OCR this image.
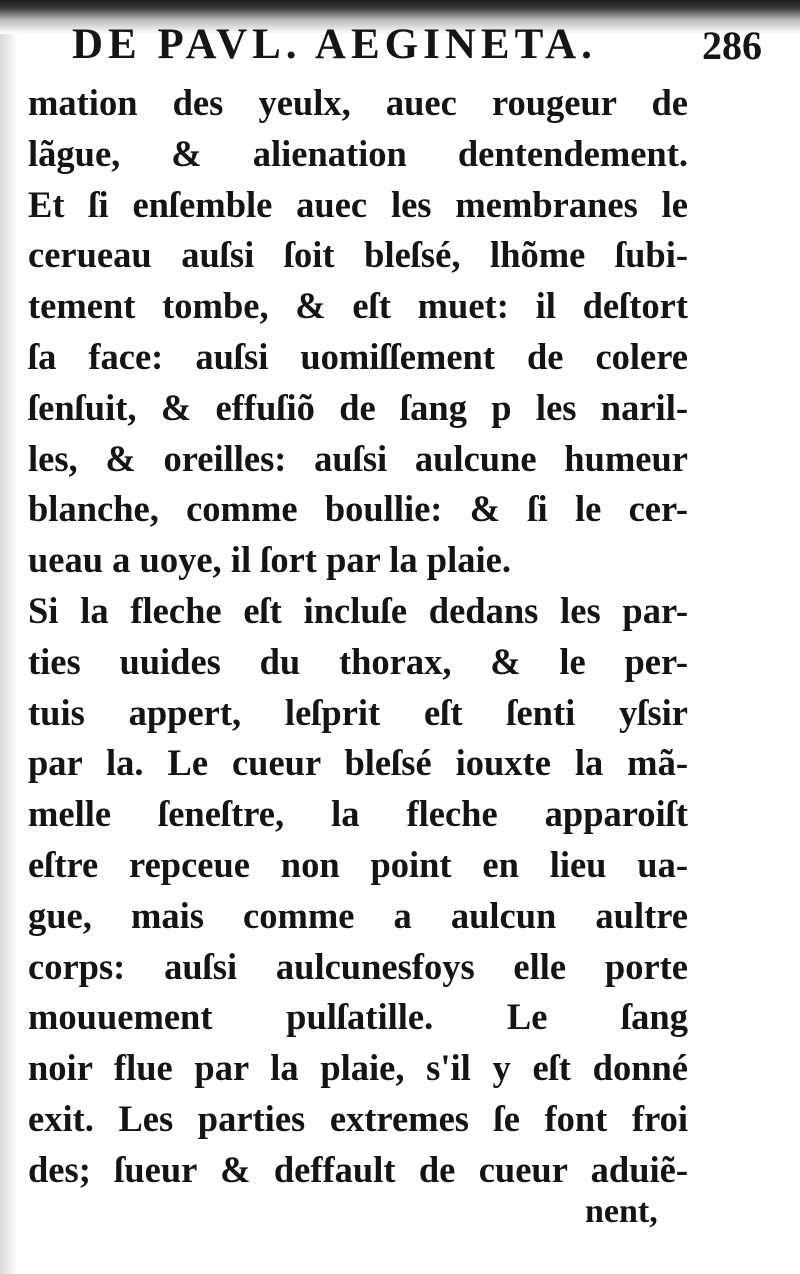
DE PAVL. AEGINETA.	286
mation des yeulx, auec rougeur de
lãgue, & alienation dentendement.
Et ſi enſemble auec les membranes le
cerueau auſsi ſoit bleſsé, lhõme ſubi-
tement tombe, & eſt muet: il deſtort
ſa face: auſsi uomiſſement de colere
ſenſuit, & effuſiõ de ſang p les naril-
les, & oreilles: auſsi aulcune humeur
blanche, comme boullie: & ſi le cer-
ueau a uoye, il ſort par la plaie.
Si la fleche eſt incluſe dedans les par-
ties uuides du thorax, & le per-
tuis appert, leſprit eſt ſenti yſsir
par la. Le cueur bleſsé iouxte la mã-
melle ſeneſtre, la fleche apparoiſt
eſtre repceue non point en lieu ua-
gue, mais comme a aulcun aultre
corps: auſsi aulcunesfoys elle porte
mouuement pulſatille. Le ſang
noir flue par la plaie, s'il y eſt donné
exit. Les parties extremes ſe font froi
des; ſueur & deffault de cueur aduiẽ-
nent,
